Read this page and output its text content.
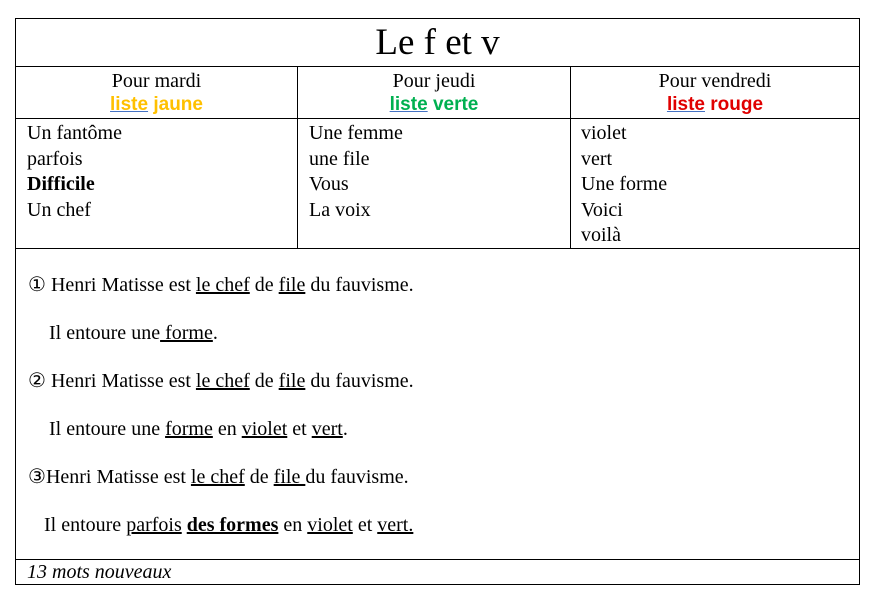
Le f et v
Pour mardi
liste jaune
Pour jeudi
liste verte
Pour vendredi
liste rouge
Un fantôme
parfois
Difficile
Un chef
Une femme
une file
Vous
La voix
violet
vert
Une forme
Voici
voilà
① Henri Matisse est le chef de file du fauvisme.
Il entoure une forme.
② Henri Matisse est le chef de file du fauvisme.
Il entoure une forme en violet et vert.
③Henri Matisse est le chef de file du fauvisme.
Il entoure parfois des formes en violet et vert.
13 mots nouveaux
